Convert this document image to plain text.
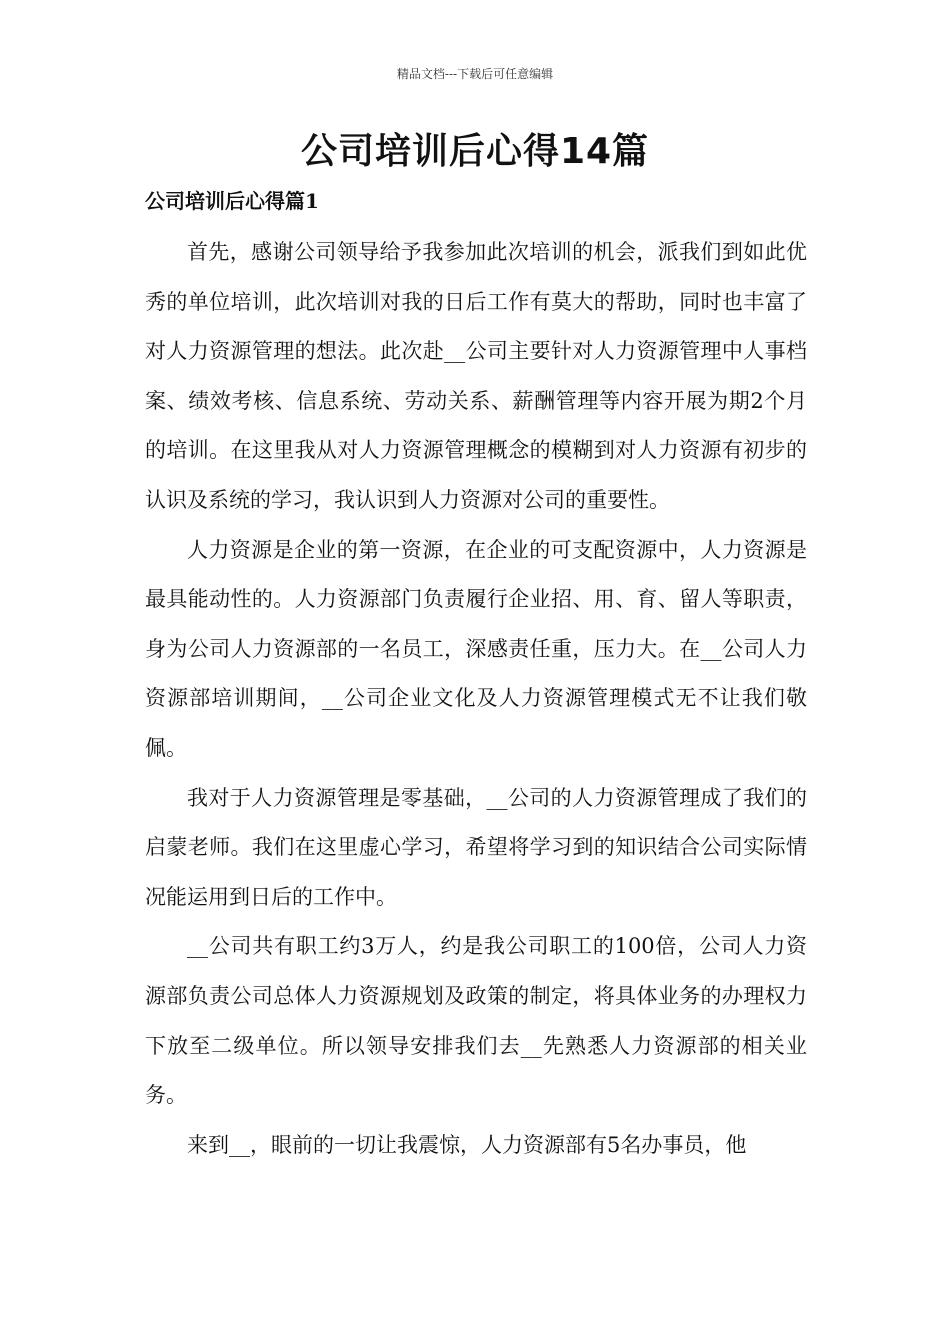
精品文档---下载后可任意编辑
公司培训后心得14篇
公司培训后心得篇1

首先，感谢公司领导给予我参加此次培训的机会，派我们到如此优秀的单位培训，此次培训对我的日后工作有莫大的帮助，同时也丰富了对人力资源管理的想法。此次赴__公司主要针对人力资源管理中人事档案、绩效考核、信息系统、劳动关系、薪酬管理等内容开展为期2个月的培训。在这里我从对人力资源管理概念的模糊到对人力资源有初步的认识及系统的学习，我认识到人力资源对公司的重要性。

人力资源是企业的第一资源，在企业的可支配资源中，人力资源是最具能动性的。人力资源部门负责履行企业招、用、育、留人等职责，身为公司人力资源部的一名员工，深感责任重，压力大。在__公司人力资源部培训期间，__公司企业文化及人力资源管理模式无不让我们敬佩。

我对于人力资源管理是零基础，__公司的人力资源管理成了我们的启蒙老师。我们在这里虚心学习，希望将学习到的知识结合公司实际情况能运用到日后的工作中。

__公司共有职工约3万人，约是我公司职工的100倍，公司人力资源部负责公司总体人力资源规划及政策的制定，将具体业务的办理权力下放至二级单位。所以领导安排我们去__先熟悉人力资源部的相关业务。

来到__，眼前的一切让我震惊，人力资源部有5名办事员，他
